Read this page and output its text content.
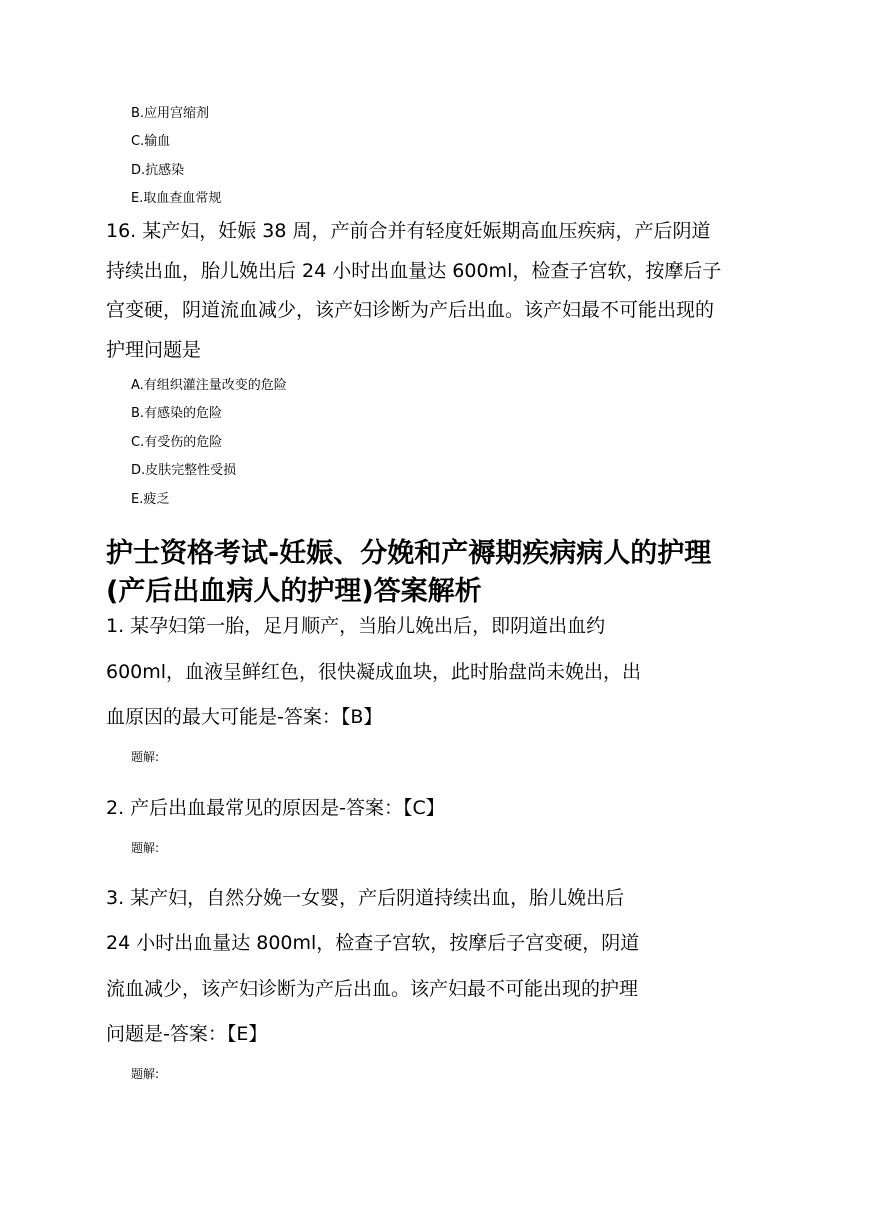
B.应用宫缩剂
C.输血
D.抗感染
E.取血查血常规
16. 某产妇，妊娠 38 周，产前合并有轻度妊娠期高血压疾病，产后阴道
持续出血，胎儿娩出后 24 小时出血量达 600ml，检查子宫软，按摩后子
宫变硬，阴道流血减少，该产妇诊断为产后出血。该产妇最不可能出现的
护理问题是
A.有组织灌注量改变的危险
B.有感染的危险
C.有受伤的危险
D.皮肤完整性受损
E.疲乏
护士资格考试-妊娠、分娩和产褥期疾病病人的护理
(产后出血病人的护理)答案解析
1. 某孕妇第一胎，足月顺产，当胎儿娩出后，即阴道出血约
600ml，血液呈鲜红色，很快凝成血块，此时胎盘尚未娩出，出
血原因的最大可能是-答案：【B】
题解:
2. 产后出血最常见的原因是-答案：【C】
题解:
3. 某产妇，自然分娩一女婴，产后阴道持续出血，胎儿娩出后
24 小时出血量达 800ml，检查子宫软，按摩后子宫变硬，阴道
流血减少，该产妇诊断为产后出血。该产妇最不可能出现的护理
问题是-答案：【E】
题解:
